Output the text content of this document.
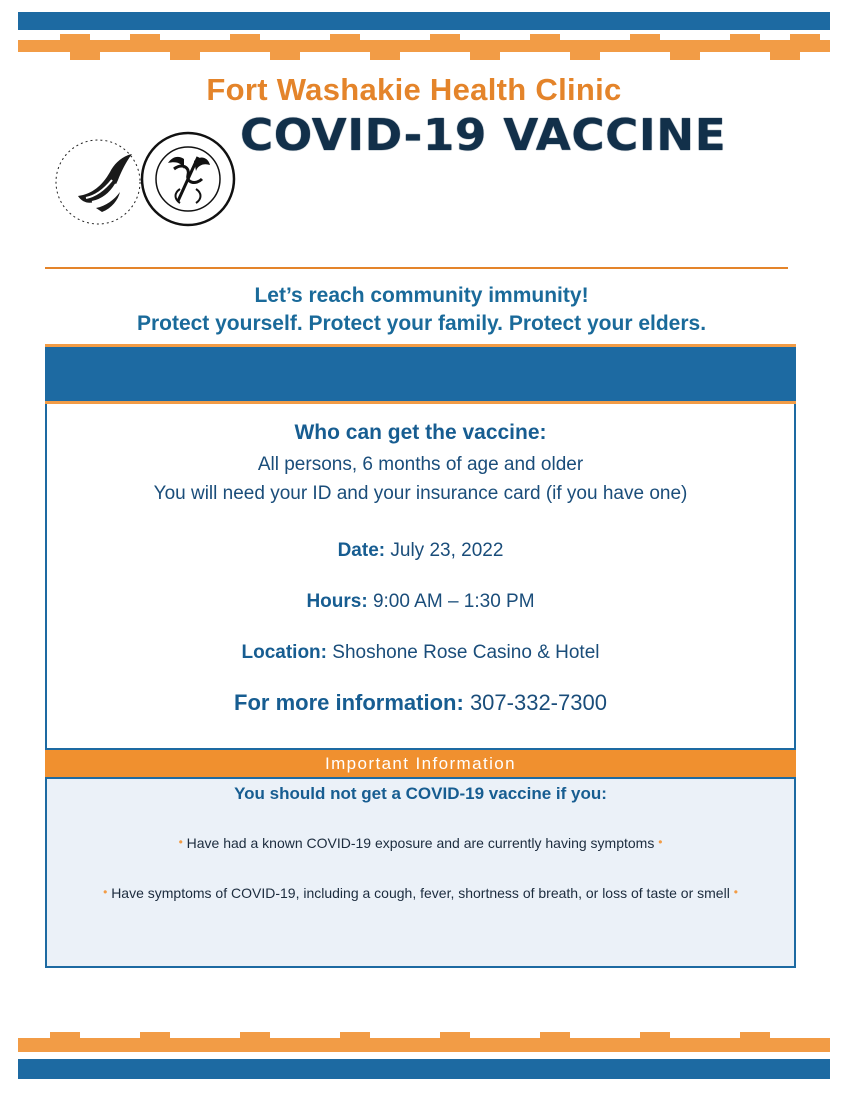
Fort Washakie Health Clinic
COVID-19 VACCINE
Let’s reach community immunity!
Protect yourself. Protect your family. Protect your elders.
Who can get the vaccine:
All persons, 6 months of age and older
You will need your ID and your insurance card (if you have one)
Date: July 23, 2022
Hours: 9:00 AM – 1:30 PM
Location: Shoshone Rose Casino & Hotel
For more information: 307-332-7300
Important Information
You should not get a COVID-19 vaccine if you:
• Have had a known COVID-19 exposure and are currently having symptoms •
• Have symptoms of COVID-19, including a cough, fever, shortness of breath, or loss of taste or smell •
